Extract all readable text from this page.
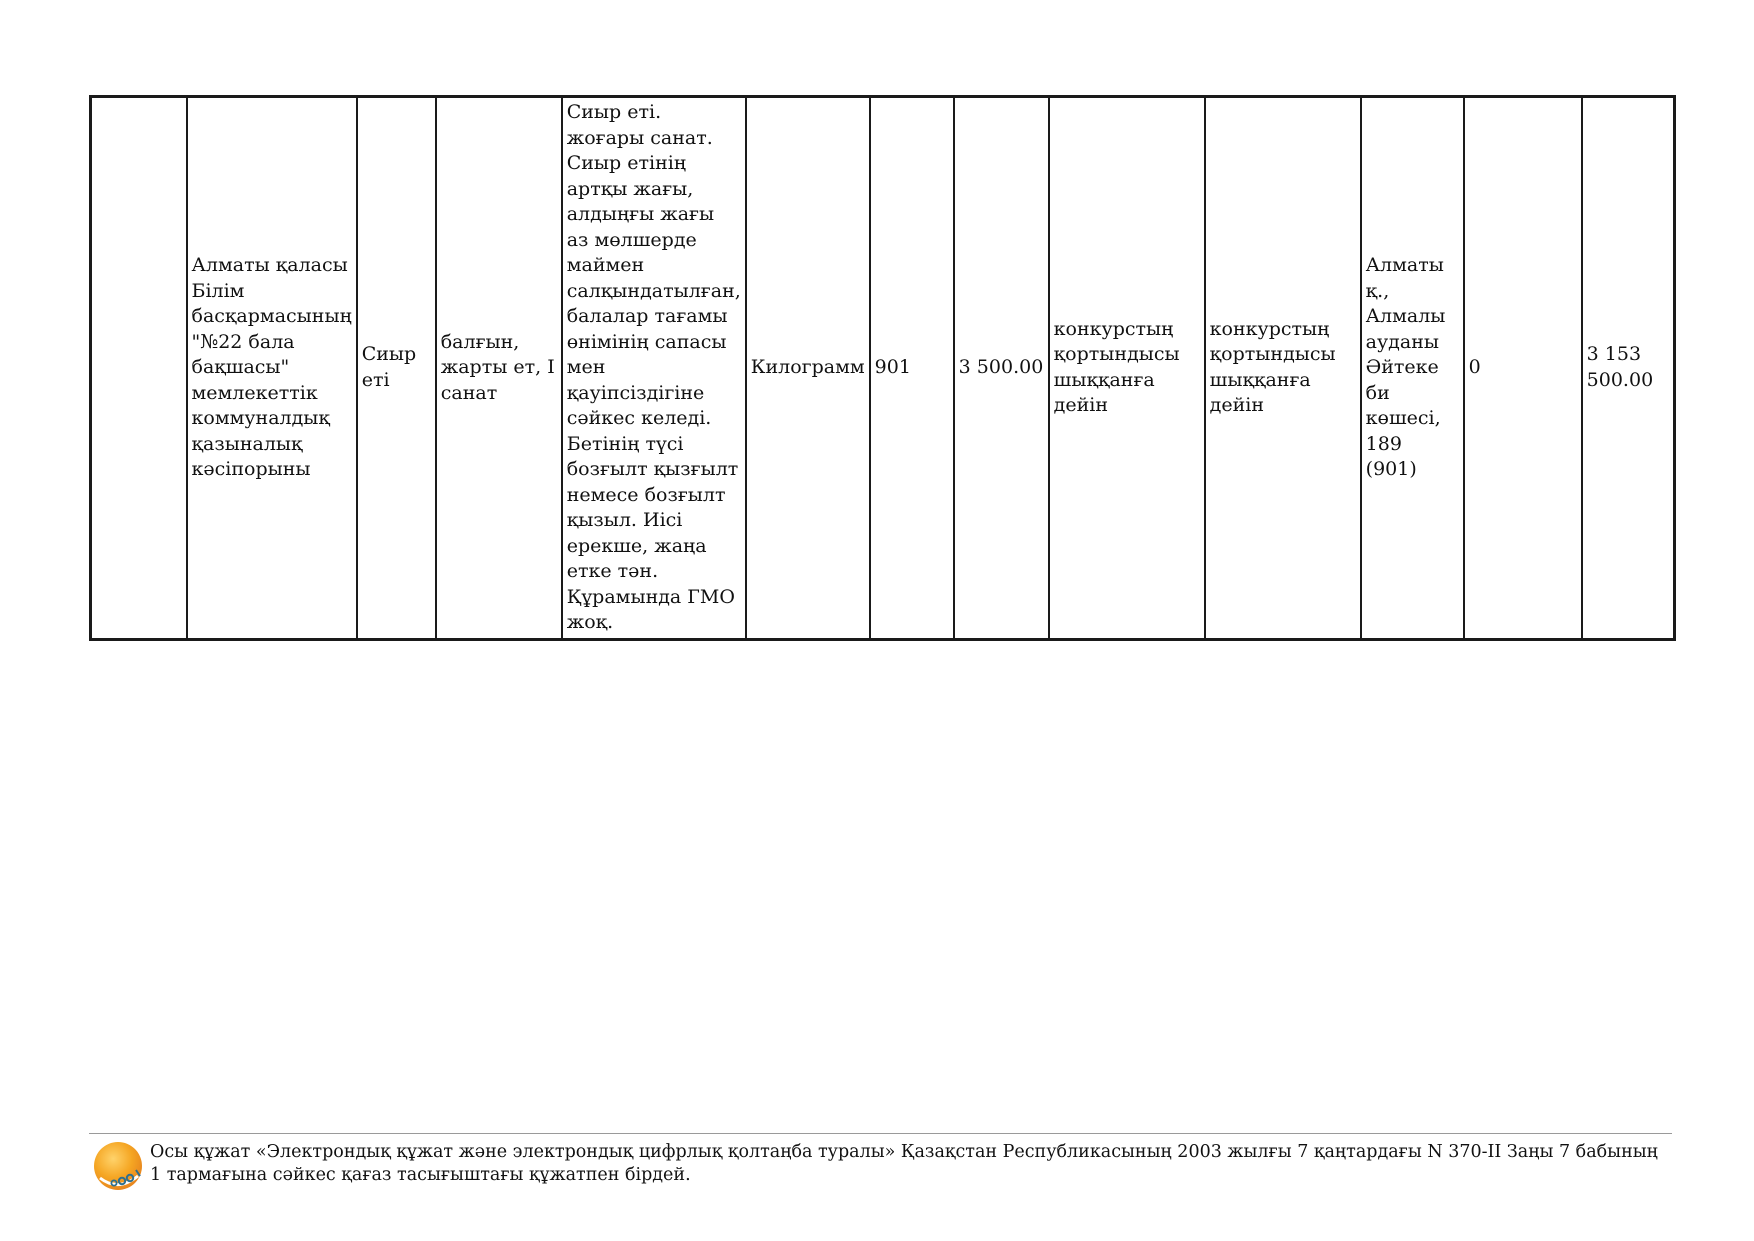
	Алматы қаласы Білім басқармасының "№22 бала бақшасы" мемлекеттік коммуналдық қазыналық кәсіпорыны	Сиыр еті	балғын, жарты ет, I санат	Сиыр еті. жоғары санат. Сиыр етінің артқы жағы, алдыңғы жағы аз мөлшерде маймен салқындатылған, балалар тағамы өнімінің сапасы мен қауіпсіздігіне сәйкес келеді. Бетінің түсі бозғылт қызғылт немесе бозғылт қызыл. Иісі ерекше, жаңа етке тән. Құрамында ГМО жоқ.	Килограмм	901	3 500.00	конкурстың қортындысы шыққанға дейін	конкурстың қортындысы шыққанға дейін	Алматы қ., Алмалы ауданы Әйтеке би көшесі, 189 (901)	0	3 153 500.00
Осы құжат «Электрондық құжат және электрондық цифрлық қолтаңба туралы» Қазақстан Республикасының 2003 жылғы 7 қаңтардағы N 370-II Заңы 7 бабының 1 тармағына сәйкес қағаз тасығыштағы құжатпен бірдей.
